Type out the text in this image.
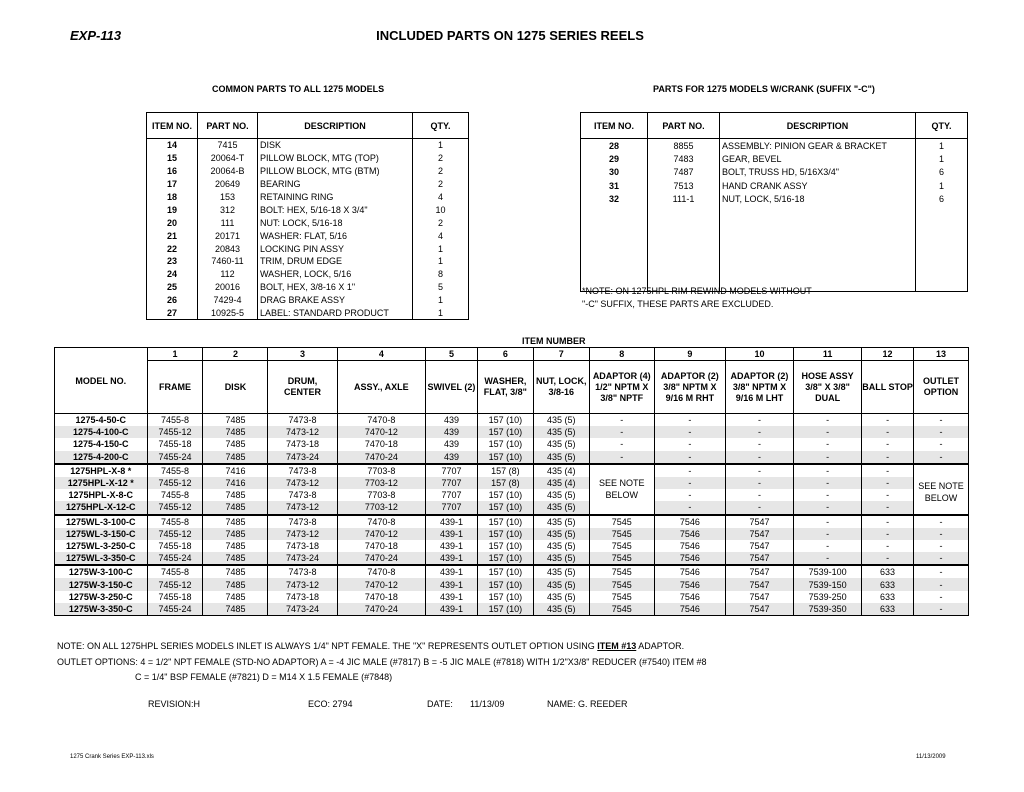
EXP-113	INCLUDED PARTS ON 1275 SERIES REELS
COMMON PARTS TO ALL 1275 MODELS	PARTS FOR 1275 MODELS W/CRANK (SUFFIX "-C")
ITEM NO.	PART NO.	DESCRIPTION	QTY.
14	7415	DISK	1
15	20064-T	PILLOW BLOCK, MTG (TOP)	2
16	20064-B	PILLOW BLOCK, MTG (BTM)	2
17	20649	BEARING	2
18	153	RETAINING RING	4
19	312	BOLT: HEX, 5/16-18 X 3/4"	10
20	111	NUT: LOCK, 5/16-18	2
21	20171	WASHER: FLAT, 5/16	4
22	20843	LOCKING PIN ASSY	1
23	7460-11	TRIM, DRUM EDGE	1
24	112	WASHER, LOCK, 5/16	8
25	20016	BOLT, HEX, 3/8-16 X 1"	5
26	7429-4	DRAG BRAKE ASSY	1
27	10925-5	LABEL: STANDARD PRODUCT	1
ITEM NO.	PART NO.	DESCRIPTION	QTY.
28	8855	ASSEMBLY: PINION GEAR & BRACKET	1
29	7483	GEAR, BEVEL	1
30	7487	BOLT, TRUSS HD, 5/16X3/4"	6
31	7513	HAND CRANK ASSY	1
32	111-1	NUT, LOCK, 5/16-18	6

*NOTE: ON 1275HPL RIM REWIND MODELS WITHOUT
"-C" SUFFIX, THESE PARTS ARE EXCLUDED.
ITEM NUMBER
MODEL NO.	1	2	3	4	5	6	7	8	9	10	11	12	13
	FRAME	DISK	DRUM, CENTER	ASSY., AXLE	SWIVEL (2)	WASHER, FLAT, 3/8"	NUT, LOCK, 3/8-16	ADAPTOR (4) 1/2" NPTM X 3/8" NPTF	ADAPTOR (2) 3/8" NPTM X 9/16 M RHT	ADAPTOR (2) 3/8" NPTM X 9/16 M LHT	HOSE ASSY 3/8" X 3/8" DUAL	BALL STOP	OUTLET OPTION
1275-4-50-C	7455-8	7485	7473-8	7470-8	439	157 (10)	435 (5)	-	-	-	-	-	-
1275-4-100-C	7455-12	7485	7473-12	7470-12	439	157 (10)	435 (5)	-	-	-	-	-	-
1275-4-150-C	7455-18	7485	7473-18	7470-18	439	157 (10)	435 (5)	-	-	-	-	-	-
1275-4-200-C	7455-24	7485	7473-24	7470-24	439	157 (10)	435 (5)	-	-	-	-	-	-
1275HPL-X-8 *	7455-8	7416	7473-8	7703-8	7707	157 (8)	435 (4)	SEE NOTE BELOW	-	-	-	-	SEE NOTE BELOW
1275HPL-X-12 *	7455-12	7416	7473-12	7703-12	7707	157 (8)	435 (4)		-	-	-	-	
1275HPL-X-8-C	7455-8	7485	7473-8	7703-8	7707	157 (10)	435 (5)		-	-	-	-	
1275HPL-X-12-C	7455-12	7485	7473-12	7703-12	7707	157 (10)	435 (5)		-	-	-	-	
1275WL-3-100-C	7455-8	7485	7473-8	7470-8	439-1	157 (10)	435 (5)	7545	7546	7547	-	-	-
1275WL-3-150-C	7455-12	7485	7473-12	7470-12	439-1	157 (10)	435 (5)	7545	7546	7547	-	-	-
1275WL-3-250-C	7455-18	7485	7473-18	7470-18	439-1	157 (10)	435 (5)	7545	7546	7547	-	-	-
1275WL-3-350-C	7455-24	7485	7473-24	7470-24	439-1	157 (10)	435 (5)	7545	7546	7547	-	-	-
1275W-3-100-C	7455-8	7485	7473-8	7470-8	439-1	157 (10)	435 (5)	7545	7546	7547	7539-100	633	-
1275W-3-150-C	7455-12	7485	7473-12	7470-12	439-1	157 (10)	435 (5)	7545	7546	7547	7539-150	633	-
1275W-3-250-C	7455-18	7485	7473-18	7470-18	439-1	157 (10)	435 (5)	7545	7546	7547	7539-250	633	-
1275W-3-350-C	7455-24	7485	7473-24	7470-24	439-1	157 (10)	435 (5)	7545	7546	7547	7539-350	633	-
NOTE: ON ALL 1275HPL SERIES MODELS INLET IS ALWAYS 1/4" NPT FEMALE. THE "X" REPRESENTS OUTLET OPTION USING ITEM #13 ADAPTOR.
OUTLET OPTIONS: 4 = 1/2" NPT FEMALE (STD-NO ADAPTOR) A = -4 JIC MALE (#7817) B = -5 JIC MALE (#7818) WITH 1/2"X3/8" REDUCER (#7540) ITEM #8
C = 1/4" BSP FEMALE (#7821) D = M14 X 1.5 FEMALE (#7848)
REVISION:H	ECO: 2794	DATE: 11/13/09	NAME: G. REEDER
1275 Crank Series EXP-113.xls	11/13/2009
